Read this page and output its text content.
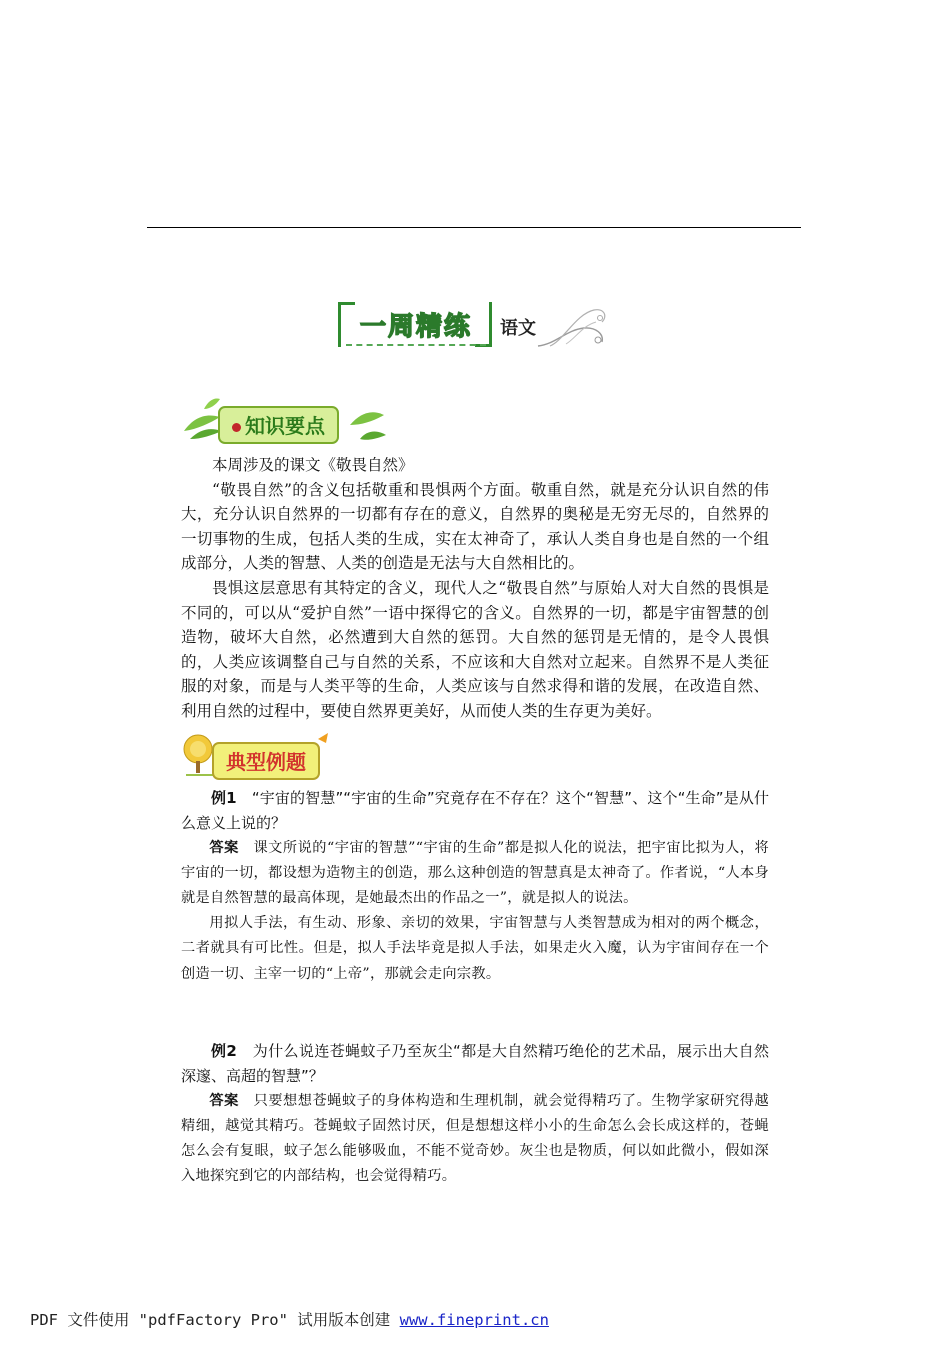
一周精练	语文
知识要点

本周涉及的课文《敬畏自然》

“敬畏自然”的含义包括敬重和畏惧两个方面。敬重自然，就是充分认识自然的伟大，充分认识自然界的一切都有存在的意义，自然界的奥秘是无穷无尽的，自然界的一切事物的生成，包括人类的生成，实在太神奇了，承认人类自身也是自然的一个组成部分，人类的智慧、人类的创造是无法与大自然相比的。

畏惧这层意思有其特定的含义，现代人之“敬畏自然”与原始人对大自然的畏惧是不同的，可以从“爱护自然”一语中探得它的含义。自然界的一切，都是宇宙智慧的创造物，破坏大自然，必然遭到大自然的惩罚。大自然的惩罚是无情的，是令人畏惧的，人类应该调整自己与自然的关系，不应该和大自然对立起来。自然界不是人类征服的对象，而是与人类平等的生命，人类应该与自然求得和谐的发展，在改造自然、利用自然的过程中，要使自然界更美好，从而使人类的生存更为美好。

典型例题

例1　 “宇宙的智慧”“宇宙的生命”究竟存在不存在？这个“智慧”、这个“生命”是从什么意义上说的？

答案　 课文所说的“宇宙的智慧”“宇宙的生命”都是拟人化的说法，把宇宙比拟为人，将宇宙的一切，都设想为造物主的创造，那么这种创造的智慧真是太神奇了。作者说，“人本身就是自然智慧的最高体现，是她最杰出的作品之一”，就是拟人的说法。

用拟人手法，有生动、形象、亲切的效果，宇宙智慧与人类智慧成为相对的两个概念，二者就具有可比性。但是，拟人手法毕竟是拟人手法，如果走火入魔，认为宇宙间存在一个创造一切、主宰一切的“上帝”，那就会走向宗教。

例2　 为什么说连苍蝇蚊子乃至灰尘“都是大自然精巧绝伦的艺术品，展示出大自然深邃、高超的智慧”？

答案　 只要想想苍蝇蚊子的身体构造和生理机制，就会觉得精巧了。生物学家研究得越精细，越觉其精巧。苍蝇蚊子固然讨厌，但是想想这样小小的生命怎么会长成这样的，苍蝇怎么会有复眼，蚊子怎么能够吸血，不能不觉奇妙。灰尘也是物质，何以如此微小，假如深入地探究到它的内部结构，也会觉得精巧。

PDF 文件使用 "pdfFactory Pro" 试用版本创建 www.fineprint.cn
